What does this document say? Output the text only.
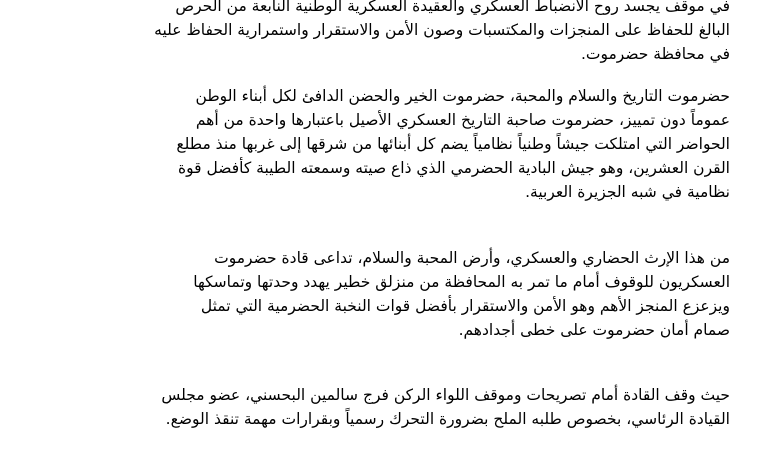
في موقف يجسد روح الانضباط العسكري والعقيدة العسكرية الوطنية النابعة من الحرص
البالغ للحفاظ على المنجزات والمكتسبات وصون الأمن والاستقرار واستمرارية الحفاظ عليه
في محافظة حضرموت.
حضرموت التاريخ والسلام والمحبة، حضرموت الخير والحضن الدافئ لكل أبناء الوطن
عموماً دون تمييز، حضرموت صاحبة التاريخ العسكري الأصيل باعتبارها واحدة من أهم
الحواضر التي امتلكت جيشاً وطنياً نظامياً يضم كل أبنائها من شرقها إلى غربها منذ مطلع
القرن العشرين، وهو جيش البادية الحضرمي الذي ذاع صيته وسمعته الطيبة كأفضل قوة
نظامية في شبه الجزيرة العربية.
من هذا الإرث الحضاري والعسكري، وأرض المحبة والسلام، تداعى قادة حضرموت
العسكريون للوقوف أمام ما تمر به المحافظة من منزلق خطير يهدد وحدتها وتماسكها
ويزعزع المنجز الأهم وهو الأمن والاستقرار بأفضل قوات النخبة الحضرمية التي تمثل
صمام أمان حضرموت على خطى أجدادهم.
حيث وقف القادة أمام تصريحات وموقف اللواء الركن فرج سالمين البحسني، عضو مجلس
القيادة الرئاسي، بخصوص طلبه الملح بضرورة التحرك رسمياً وبقرارات مهمة تنقذ الوضع.
